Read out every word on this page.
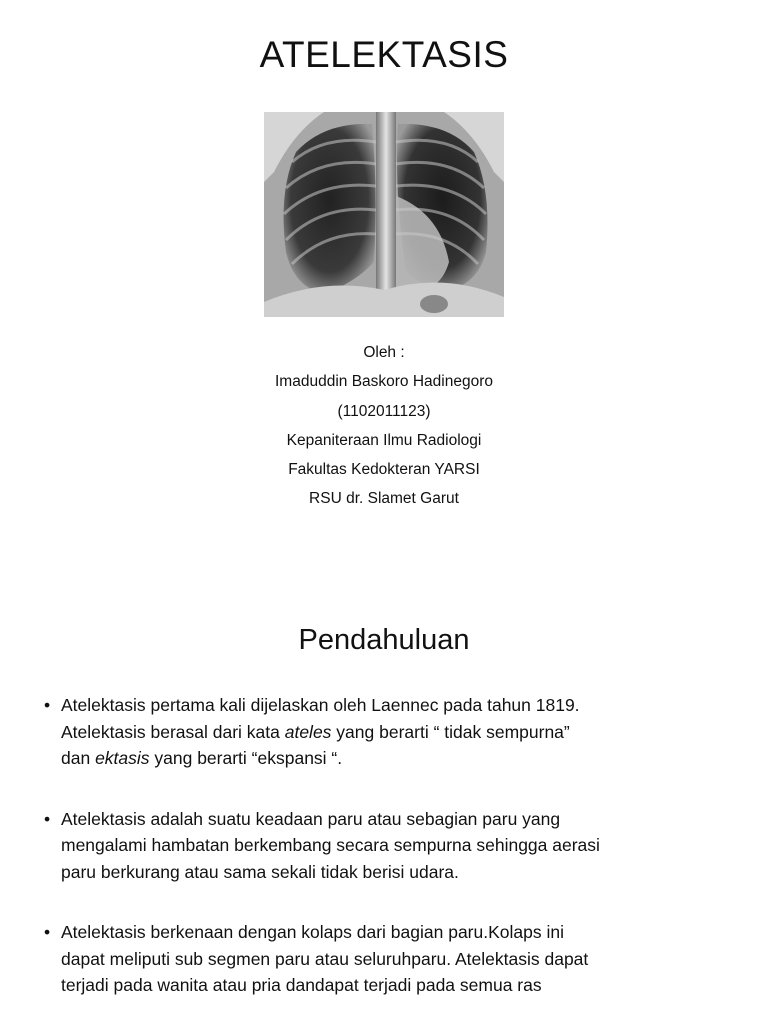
ATELEKTASIS
Oleh :
Imaduddin Baskoro Hadinegoro
(1102011123)
Kepaniteraan Ilmu Radiologi
Fakultas Kedokteran YARSI
RSU dr. Slamet Garut
Pendahuluan
• Atelektasis pertama kali dijelaskan oleh Laennec pada tahun 1819.
Atelektasis berasal dari kata ateles yang berarti “ tidak sempurna”
dan ektasis yang berarti “ekspansi “.
• Atelektasis adalah suatu keadaan paru atau sebagian paru yang
mengalami hambatan berkembang secara sempurna sehingga aerasi
paru berkurang atau sama sekali tidak berisi udara.
• Atelektasis berkenaan dengan kolaps dari bagian paru.Kolaps ini
dapat meliputi sub segmen paru atau seluruhparu. Atelektasis dapat
terjadi pada wanita atau pria dandapat terjadi pada semua ras
